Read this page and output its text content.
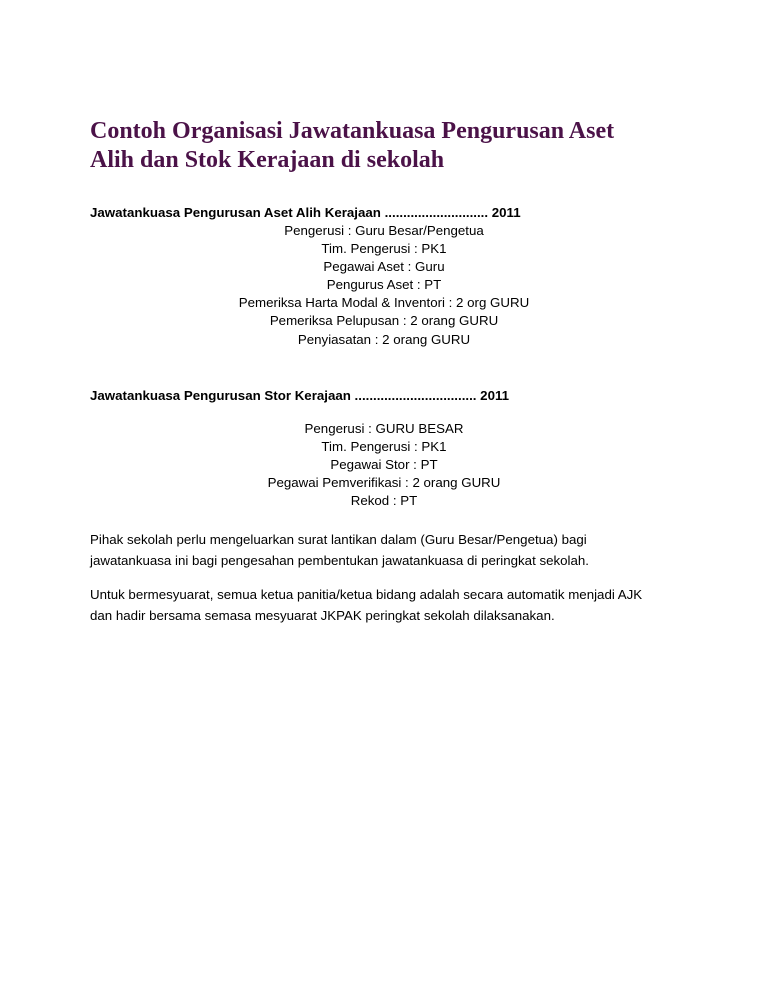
Contoh Organisasi Jawatankuasa Pengurusan Aset
Alih dan Stok Kerajaan di sekolah

Jawatankuasa Pengurusan Aset Alih Kerajaan ............................ 2011

Pengerusi : Guru Besar/Pengetua
Tim. Pengerusi : PK1
Pegawai Aset : Guru
Pengurus Aset : PT
Pemeriksa Harta Modal & Inventori : 2 org GURU
Pemeriksa Pelupusan : 2 orang GURU
Penyiasatan : 2 orang GURU

Jawatankuasa Pengurusan Stor Kerajaan ................................. 2011

Pengerusi : GURU BESAR
Tim. Pengerusi : PK1
Pegawai Stor : PT
Pegawai Pemverifikasi : 2 orang GURU
Rekod : PT

Pihak sekolah perlu mengeluarkan surat lantikan dalam (Guru Besar/Pengetua) bagi
jawatankuasa ini bagi pengesahan pembentukan jawatankuasa di peringkat sekolah.

Untuk bermesyuarat, semua ketua panitia/ketua bidang adalah secara automatik menjadi AJK
dan hadir bersama semasa mesyuarat JKPAK peringkat sekolah dilaksanakan.
